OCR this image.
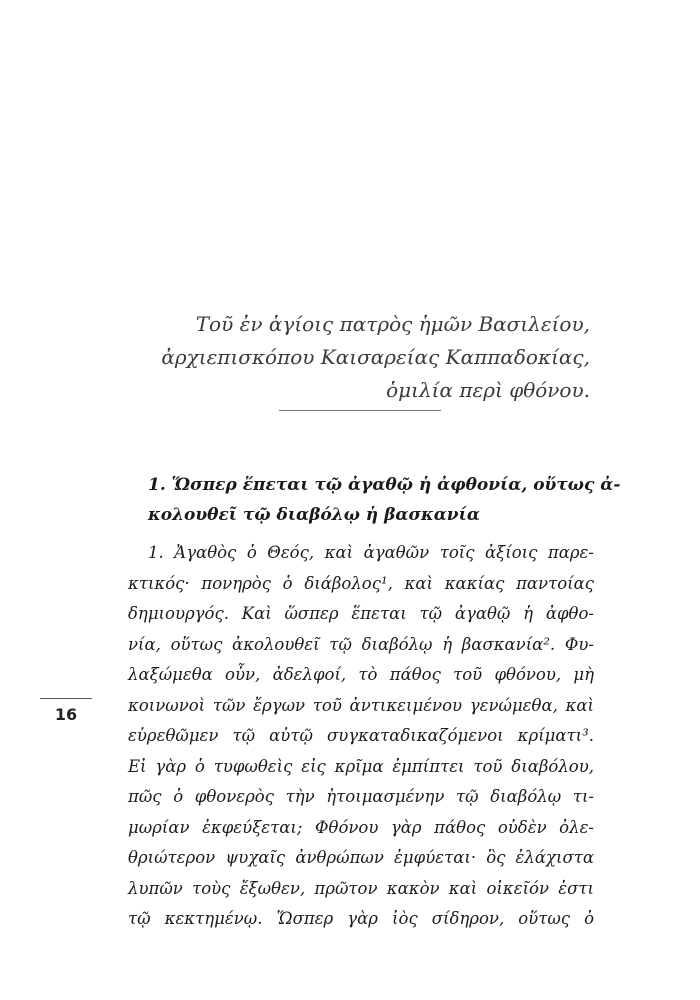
Τοῦ ἐν ἁγίοις πατρὸς ἡμῶν Βασιλείου,
ἀρχιεπισκόπου Καισαρείας Καππαδοκίας,
ὁμιλία περὶ φθόνου.
1. Ὥσπερ ἕπεται τῷ ἀγαθῷ ἡ ἀφθονία, οὕτως ἀ-
κολουθεῖ τῷ διαβόλῳ ἡ βασκανία
1. Ἀγαθὸς ὁ Θεός, καὶ ἀγαθῶν τοῖς ἀξίοις παρε-
κτικός· πονηρὸς ὁ διάβολος¹, καὶ κακίας παντοίας
δημιουργός. Καὶ ὥσπερ ἕπεται τῷ ἀγαθῷ ἡ ἀφθο-
νία, οὕτως ἀκολουθεῖ τῷ διαβόλῳ ἡ βασκανία². Φυ-
λαξώμεθα οὖν, ἀδελφοί, τὸ πάθος τοῦ φθόνου, μὴ
κοινωνοὶ τῶν ἔργων τοῦ ἀντικειμένου γενώμεθα, καὶ
εὑρεθῶμεν τῷ αὐτῷ συγκαταδικαζόμενοι κρίματι³.
Εἰ γὰρ ὁ τυφωθεὶς εἰς κρῖμα ἐμπίπτει τοῦ διαβόλου,
πῶς ὁ φθονερὸς τὴν ἡτοιμασμένην τῷ διαβόλῳ τι-
μωρίαν ἐκφεύξεται; Φθόνου γὰρ πάθος οὐδὲν ὀλε-
θριώτερον ψυχαῖς ἀνθρώπων ἐμφύεται· ὃς ἐλάχιστα
λυπῶν τοὺς ἔξωθεν, πρῶτον κακὸν καὶ οἰκεῖόν ἐστι
τῷ κεκτημένῳ. Ὥσπερ γὰρ ἰὸς σίδηρον, οὕτως ὁ
16
